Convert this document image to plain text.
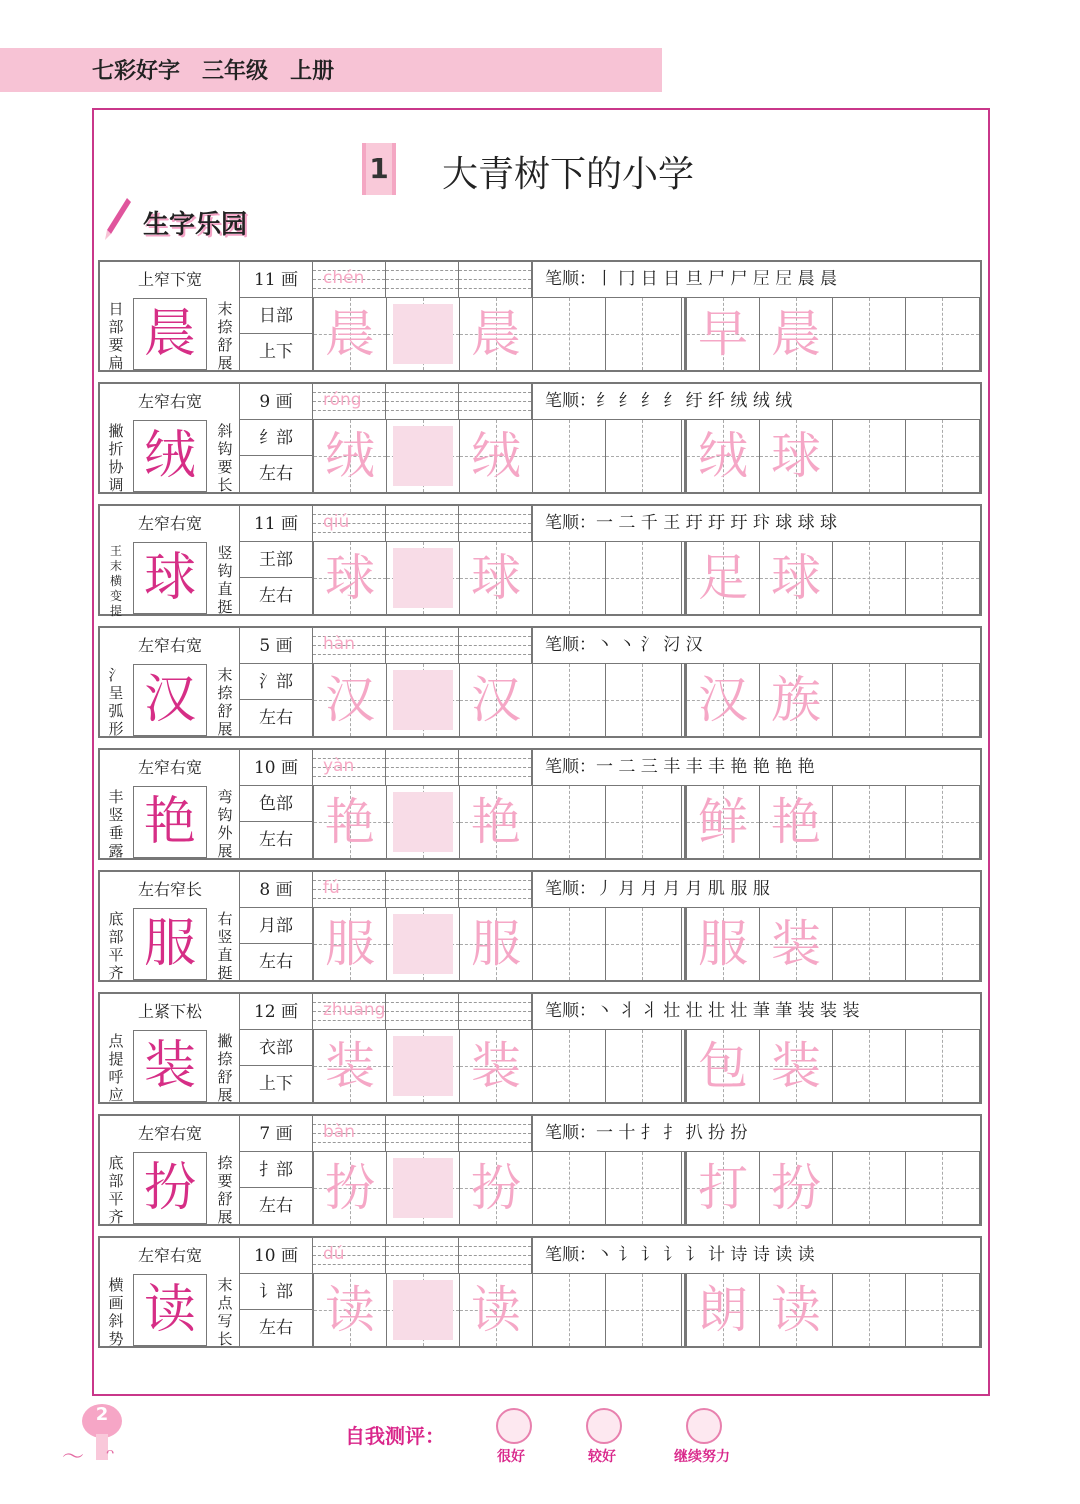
七彩好字　 三年级　 上册
1 大青树下的小学
生字乐园
上窄下宽
日部要扁 晨	末捺舒展
11 画
日部
上下
chén	笔顺：丨 冂 日 日 旦 尸 尸 𡰱 𡰱 晨 晨
晨 晨	早 晨
左窄右宽
撇折协调 绒	斜钩要长
9 画
纟部
左右
róng	笔顺：纟 纟 纟 纟 纡 纤 绒 绒 绒
绒 绒	绒 球
左窄右宽
王末横变提
球	竖钩直挺
11 画
王部
左右
qiú	笔顺：一 二 千 王 玗 玗 玗 玣 球 球 球
球 球	足 球
左窄右宽
氵呈弧形 汉	末捺舒展
5 画
氵部
左右
hàn	笔顺：丶 丶 氵 汈 汉
汉 汉	汉 族
左窄右宽
丰竖垂露 艳	弯钩外展
10 画
色部
左右
yàn	笔顺：一 二 三 丰 丰 丰 艳 艳 艳 艳
艳 艳	鲜 艳
左右窄长
底部平齐 服	右竖直挺
8 画
月部
左右
fú	笔顺：丿 月 月 月 月 肌 服 服
服 服	服 装
上紧下松
点提呼应 装	撇捺舒展
12 画
衣部
上下
zhuāng	笔顺：丶 丬 丬 壮 壮 壮 壮 茟 茟 装 装 装
装 装	包 装
左窄右宽
底部平齐 扮	捺要舒展
7 画
扌部
左右
bàn	笔顺：一 十 扌 扌 扒 扮 扮
扮 扮	打 扮
左窄右宽
横画斜势 读	末点写长
10 画
讠部
左右
dú	笔顺：丶 讠 讠 讠 讠 计 诗 诗 读 读
读 读	朗 读
2
〜　ᵔ
自我测评：
很好	较好	继续努力
